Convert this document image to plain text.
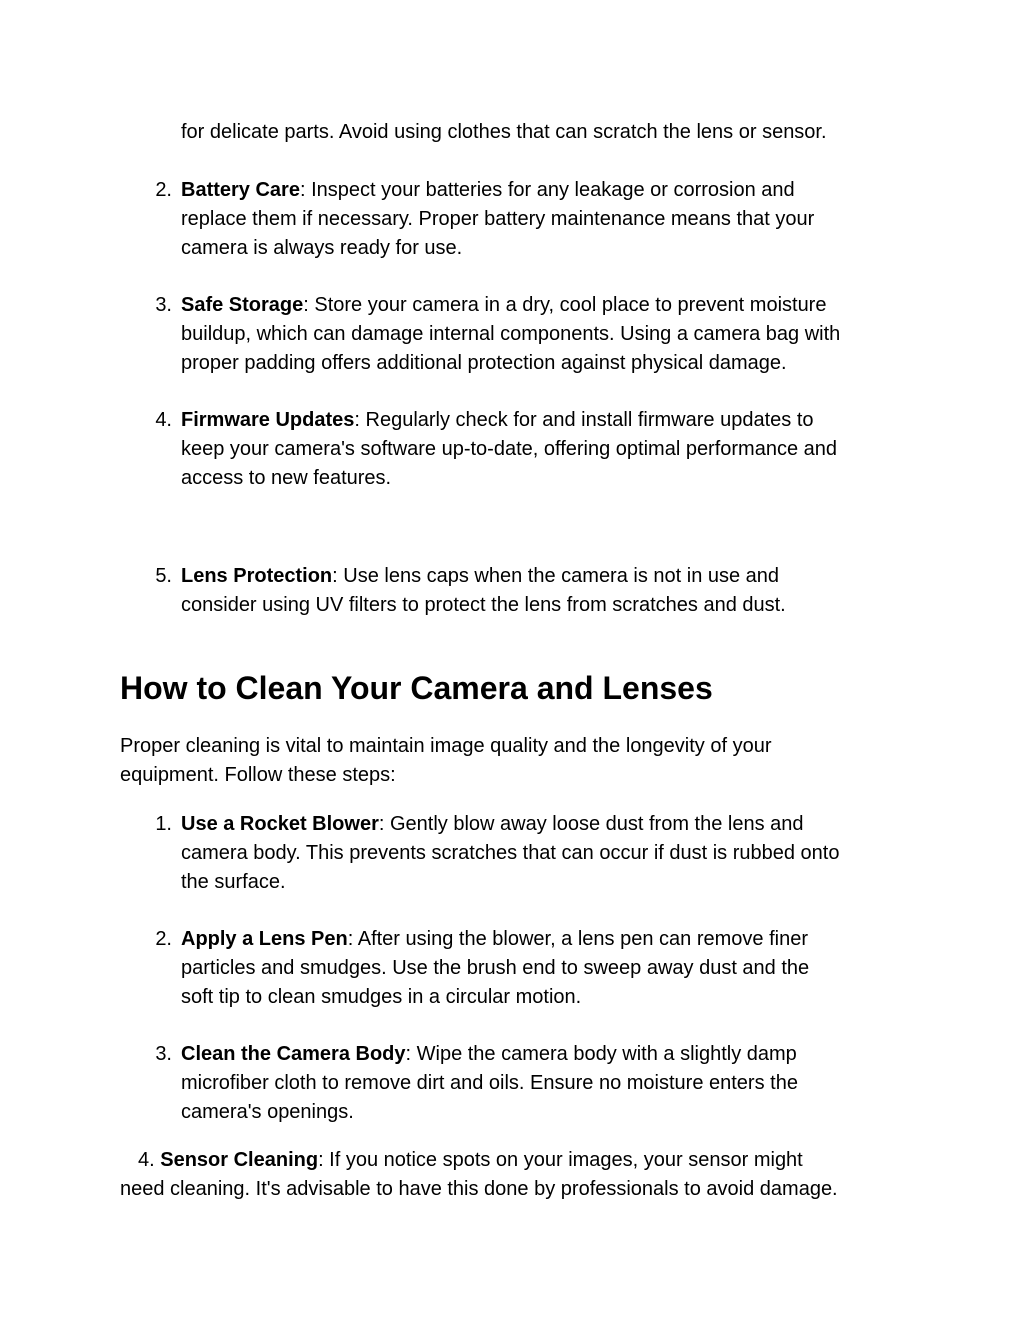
for delicate parts. Avoid using clothes that can scratch the lens or sensor.
2. Battery Care: Inspect your batteries for any leakage or corrosion and

replace them if necessary. Proper battery maintenance means that your

camera is always ready for use.

3. Safe Storage: Store your camera in a dry, cool place to prevent moisture

buildup, which can damage internal components. Using a camera bag with

proper padding offers additional protection against physical damage.

4. Firmware Updates: Regularly check for and install firmware updates to

keep your camera's software up-to-date, offering optimal performance and

access to new features.

5. Lens Protection: Use lens caps when the camera is not in use and

consider using UV filters to protect the lens from scratches and dust.

How to Clean Your Camera and Lenses
Proper cleaning is vital to maintain image quality and the longevity of your
equipment. Follow these steps:
1. Use a Rocket Blower: Gently blow away loose dust from the lens and

camera body. This prevents scratches that can occur if dust is rubbed onto

the surface.

2. Apply a Lens Pen: After using the blower, a lens pen can remove finer

particles and smudges. Use the brush end to sweep away dust and the

soft tip to clean smudges in a circular motion.

3. Clean the Camera Body: Wipe the camera body with a slightly damp

microfiber cloth to remove dirt and oils. Ensure no moisture enters the

camera's openings.

4. Sensor Cleaning: If you notice spots on your images, your sensor might
need cleaning. It's advisable to have this done by professionals to avoid damage.
